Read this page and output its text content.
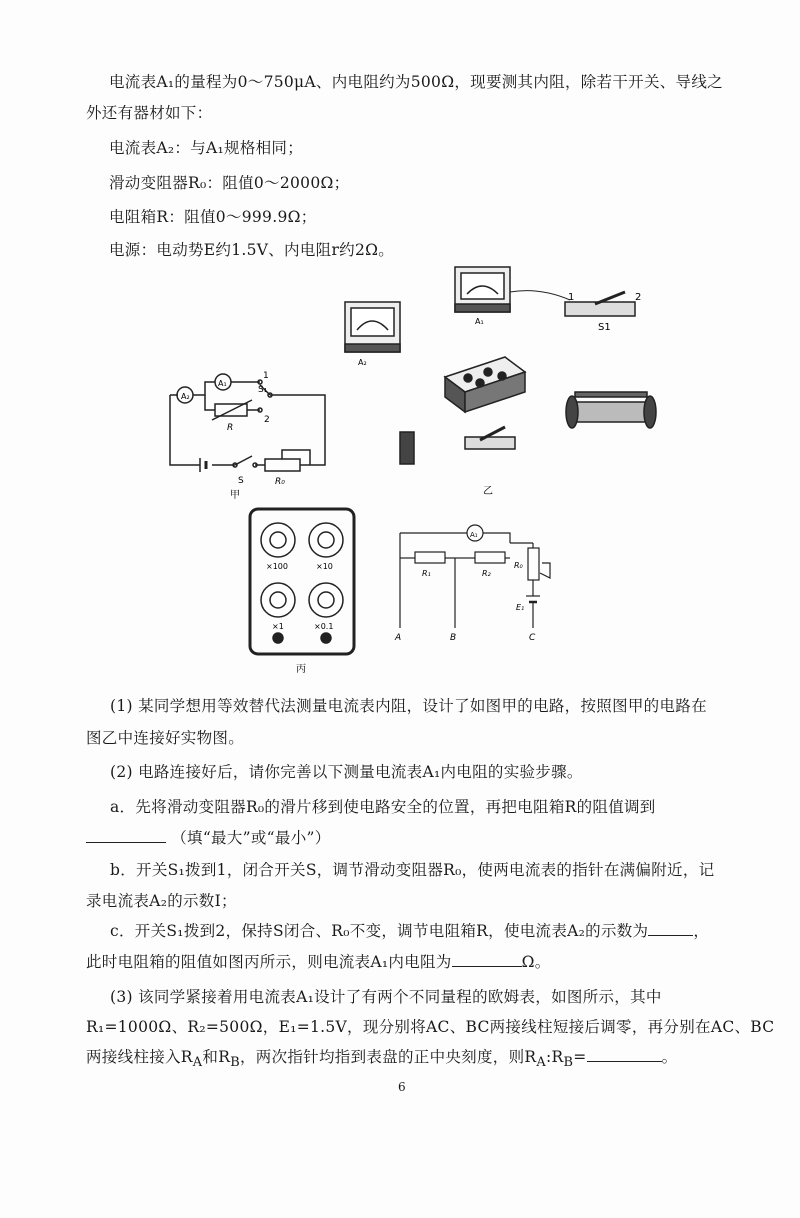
电流表A₁的量程为0～750μA、内电阻约为500Ω，现要测其内阻，除若干开关、导线之
外还有器材如下：
电流表A₂：与A₁规格相同；
滑动变阻器R₀：阻值0～2000Ω；
电阻箱R：阻值0～999.9Ω；
电源：电动势E约1.5V、内电阻r约2Ω。
A₂
A₁
1
S₁
2
R
S	R₀
甲
A₂
A₁
1	2
S1
乙
×100	×10
×1	×0.1
丙
A₁
R₁	R₂
R₀
E₁
A	B	C
(1) 某同学想用等效替代法测量电流表内阻，设计了如图甲的电路，按照图甲的电路在
图乙中连接好实物图。
(2) 电路连接好后，请你完善以下测量电流表A₁内电阻的实验步骤。
a．先将滑动变阻器R₀的滑片移到使电路安全的位置，再把电阻箱R的阻值调到
（填“最大”或“最小”）
b．开关S₁拨到1，闭合开关S，调节滑动变阻器R₀，使两电流表的指针在满偏附近，记
录电流表A₂的示数I；
c．开关S₁拨到2，保持S闭合、R₀不变，调节电阻箱R，使电流表A₂的示数为	，
此时电阻箱的阻值如图丙所示，则电流表A₁内电阻为	Ω。
(3) 该同学紧接着用电流表A₁设计了有两个不同量程的欧姆表，如图所示，其中
R₁=1000Ω、R₂=500Ω，E₁=1.5V，现分别将AC、BC两接线柱短接后调零，再分别在AC、BC
两接线柱接入$R_A$和$R_B$，两次指针均指到表盘的正中央刻度，则$R_A:R_B=$	。
6
